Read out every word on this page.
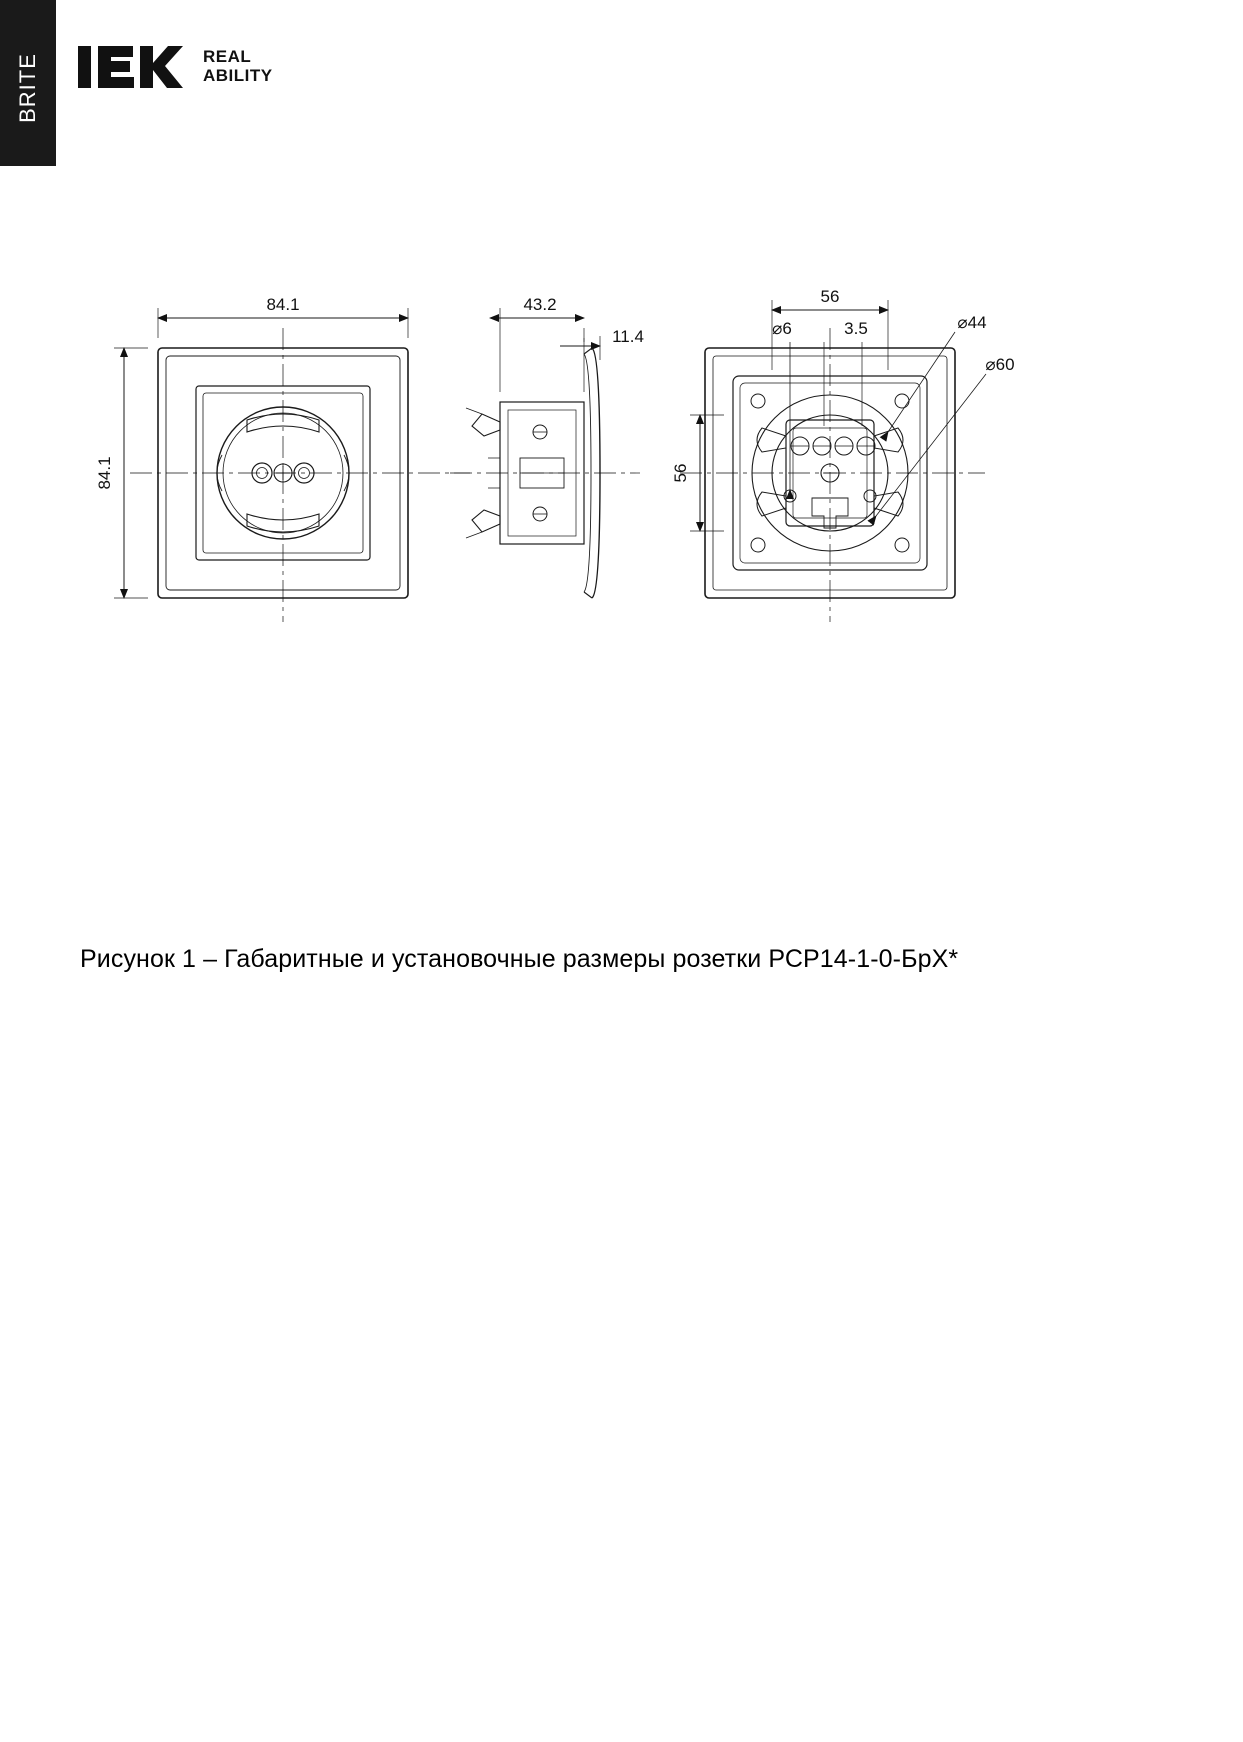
BRITE	REAL
ABILITY
84.1
84.1
43.2
11.4
56
56
⌀6	3.5	⌀44
⌀60
Рисунок 1 – Габаритные и установочные размеры розетки РСР14-1-0-БрХ*
